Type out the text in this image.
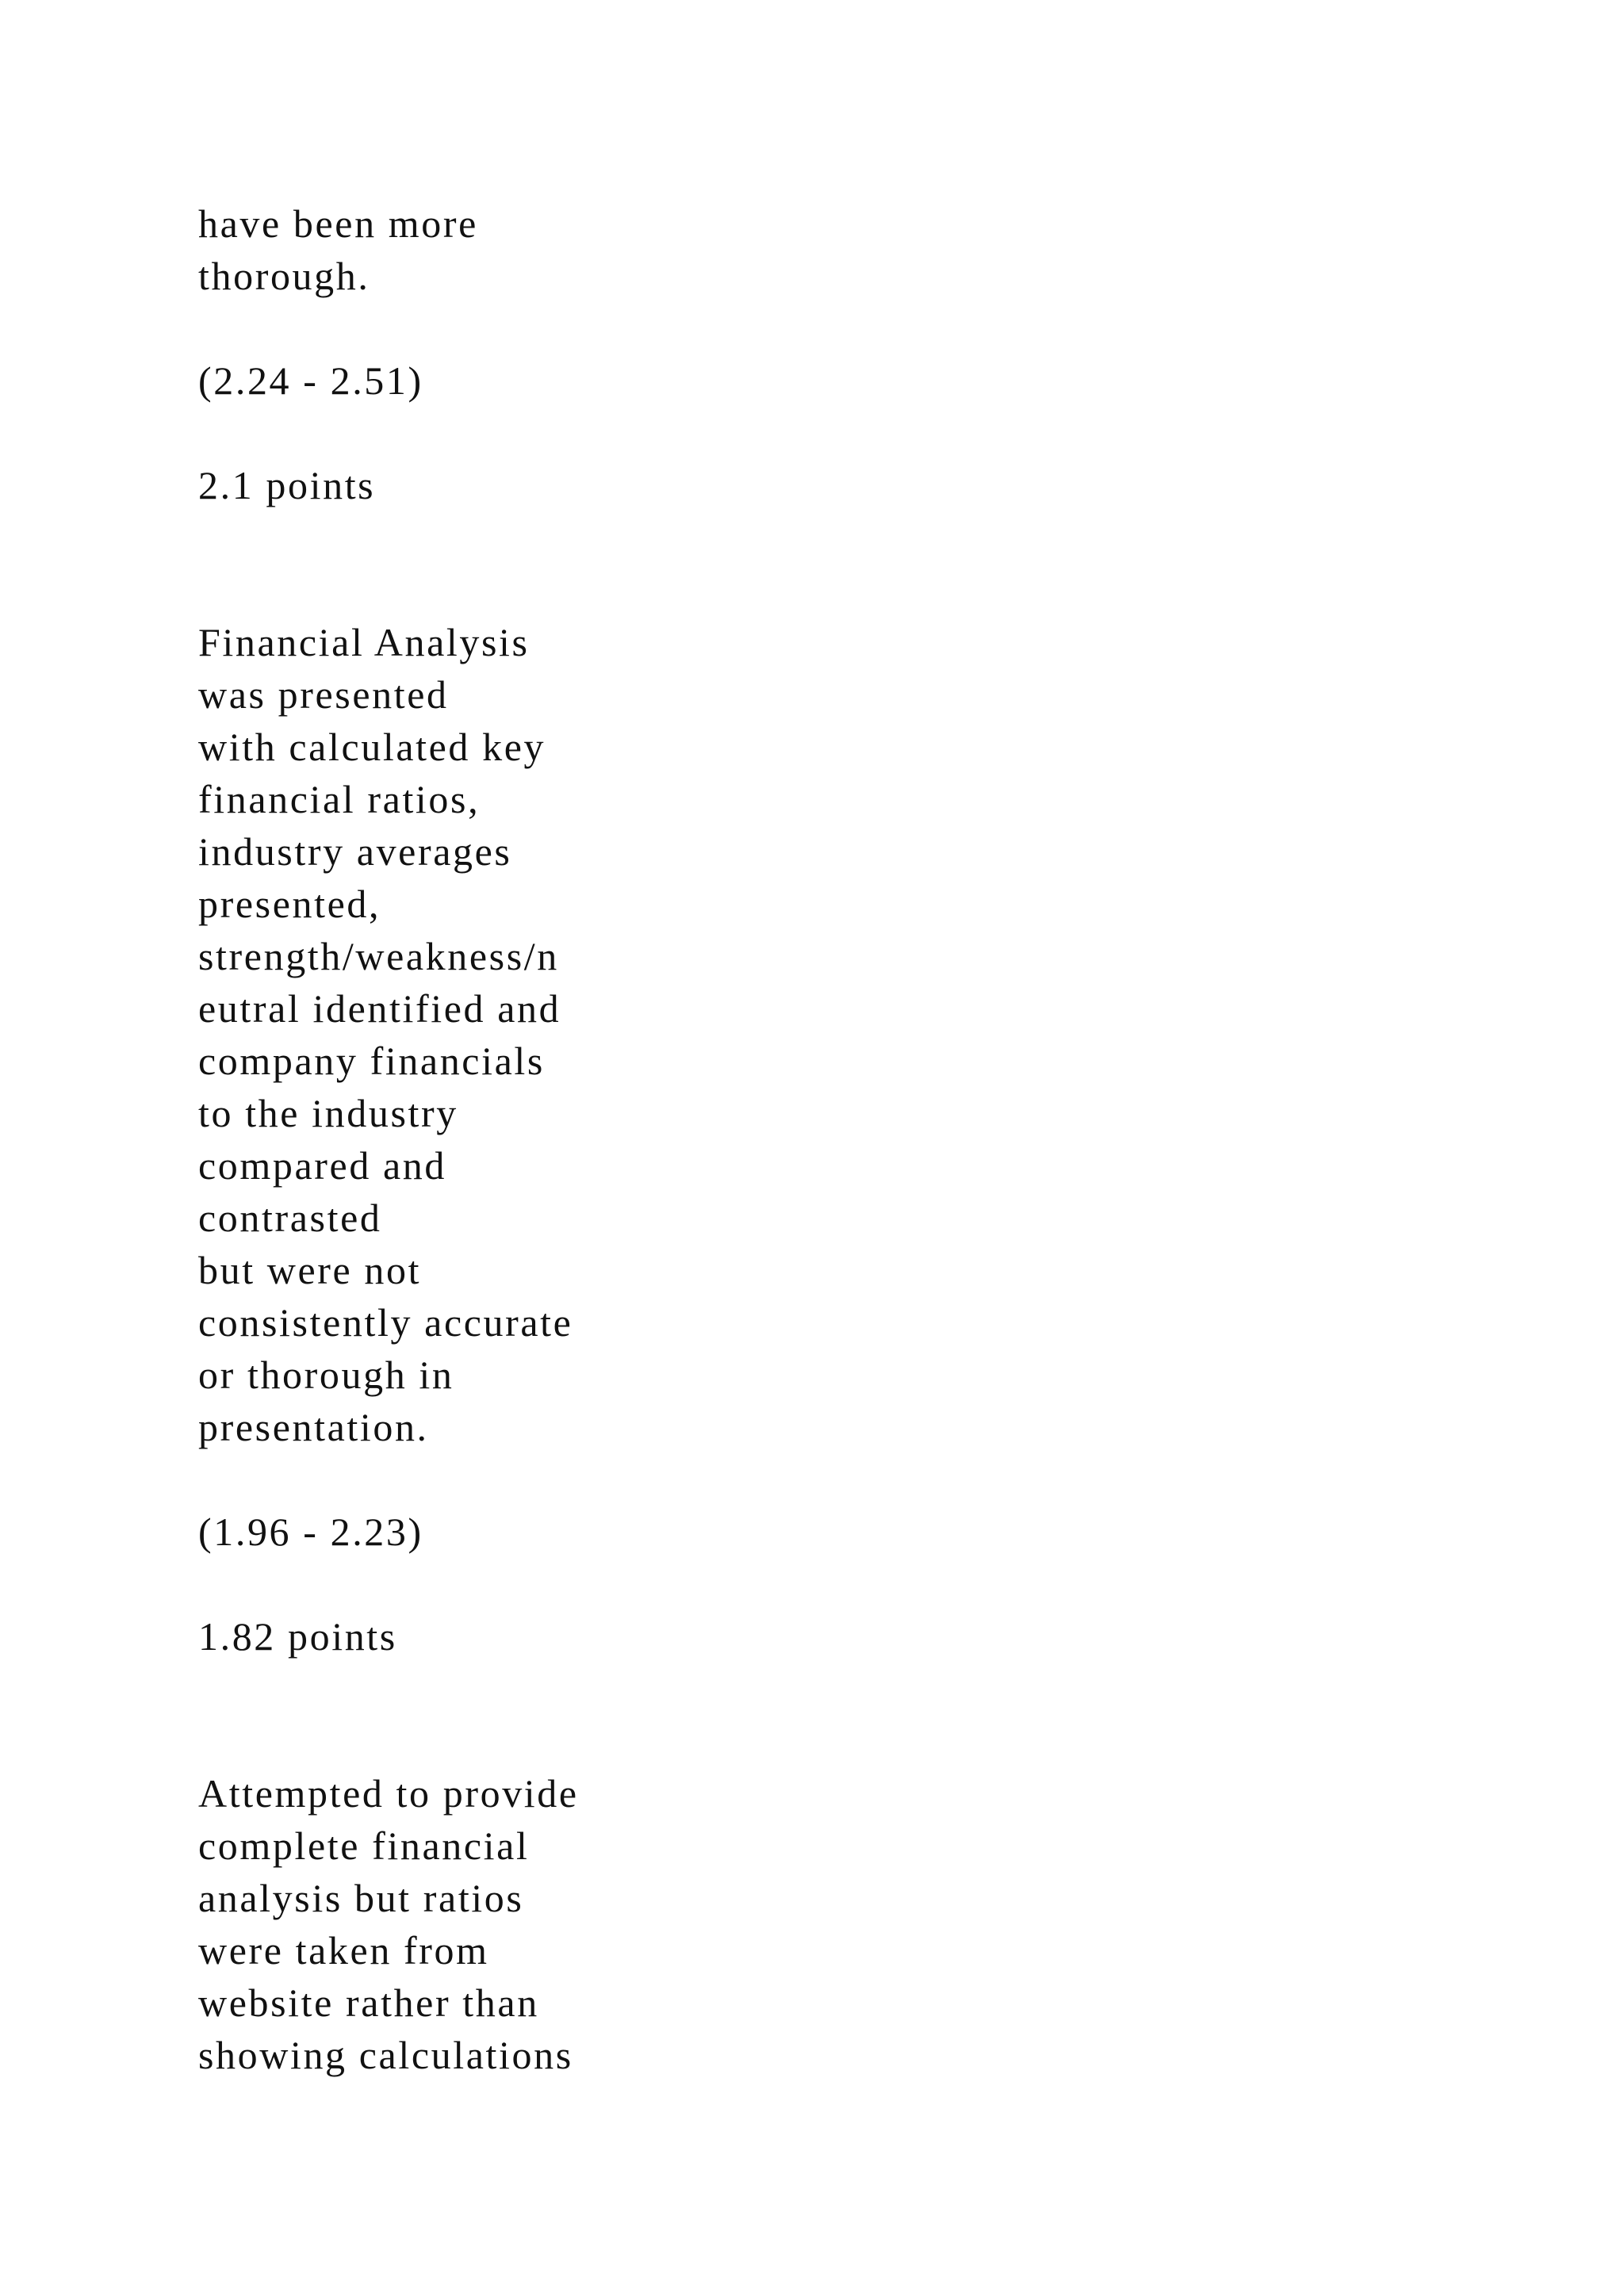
have been more
thorough.
(2.24 - 2.51)
2.1 points
Financial Analysis
was presented
with calculated key
financial ratios,
industry averages
presented,
strength/weakness/n
eutral identified and
company financials
to the industry
compared and
contrasted
but were not
consistently accurate
or thorough in
presentation.
(1.96 - 2.23)
1.82 points
Attempted to provide
complete financial
analysis but ratios
were taken from
website rather than
showing calculations
